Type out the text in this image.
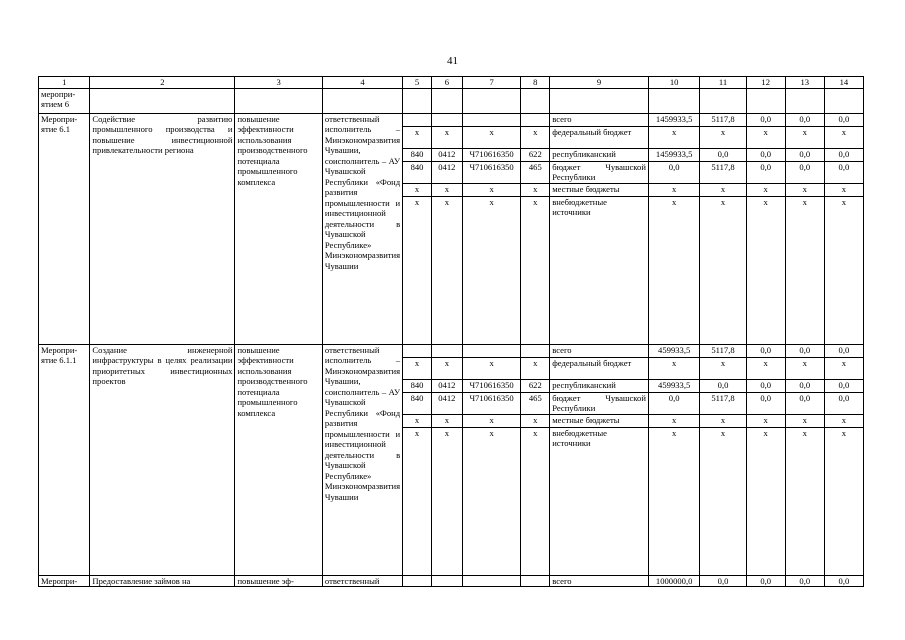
41
1	2	3	4	5	6	7	8	9	10	11	12	13	14
меропри-ятием 6													
Меропри-ятие 6.1	Содействие развитию промышленного производства и повышение инвестиционной привлекательности региона	повышение эффективности использования производственного потенциала промышленного комплекса	ответственный исполнитель – Минэкономразвития Чувашии, соисполнитель – АУ Чувашской Республики «Фонд развития промышленности и инвестиционной деятельности в Чувашской Республике» Минэкономразвития Чувашии					всего	1459933,5	5117,8	0,0	0,0	0,0
				х	х	х	х	федеральный бюджет	х	х	х	х	х
				840	0412	Ч710616350	622	республиканский	1459933,5	0,0	0,0	0,0	0,0
				840	0412	Ч710616350	465	бюджет Чувашской Республики	0,0	5117,8	0,0	0,0	0,0
				х	х	х	х	местные бюджеты	х	х	х	х	х
				х	х	х	х	внебюджетные источники	х	х	х	х	х
Меропри-ятие 6.1.1	Создание инженерной инфраструктуры в целях реализации приоритетных инвестиционных проектов	повышение эффективности использования производственного потенциала промышленного комплекса	ответственный исполнитель – Минэкономразвития Чувашии, соисполнитель – АУ Чувашской Республики «Фонд развития промышленности и инвестиционной деятельности в Чувашской Республике» Минэкономразвития Чувашии					всего	459933,5	5117,8	0,0	0,0	0,0
				х	х	х	х	федеральный бюджет	х	х	х	х	х
				840	0412	Ч710616350	622	республиканский	459933,5	0,0	0,0	0,0	0,0
				840	0412	Ч710616350	465	бюджет Чувашской Республики	0,0	5117,8	0,0	0,0	0,0
				х	х	х	х	местные бюджеты	х	х	х	х	х
				х	х	х	х	внебюджетные источники	х	х	х	х	х
Меропри-	Предоставление займов на	повышение эф-	ответственный					всего	1000000,0	0,0	0,0	0,0	0,0
